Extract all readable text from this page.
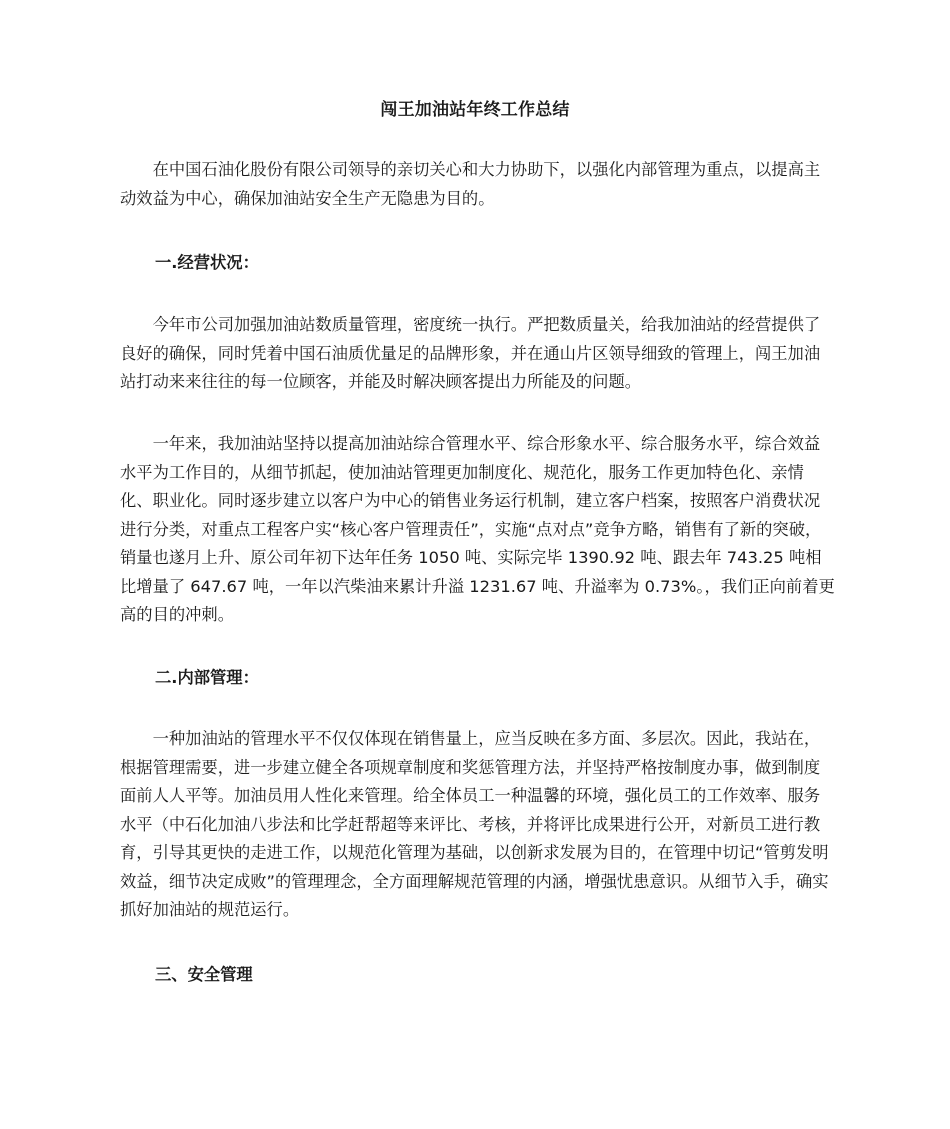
闯王加油站年终工作总结
在中国石油化股份有限公司领导的亲切关心和大力协助下，以强化内部管理为重点，以提高主动效益为中心，确保加油站安全生产无隐患为目的。
一.经营状况：
今年市公司加强加油站数质量管理，密度统一执行。严把数质量关，给我加油站的经营提供了良好的确保，同时凭着中国石油质优量足的品牌形象，并在通山片区领导细致的管理上，闯王加油站打动来来往往的每一位顾客，并能及时解决顾客提出力所能及的问题。
一年来，我加油站坚持以提高加油站综合管理水平、综合形象水平、综合服务水平，综合效益水平为工作目的，从细节抓起，使加油站管理更加制度化、规范化，服务工作更加特色化、亲情化、职业化。同时逐步建立以客户为中心的销售业务运行机制，建立客户档案，按照客户消费状况进行分类，对重点工程客户实“核心客户管理责任”，实施“点对点”竞争方略，销售有了新的突破，销量也遂月上升、原公司年初下达年任务 1050 吨、实际完毕 1390.92 吨、跟去年 743.25 吨相比增量了 647.67 吨，一年以汽柴油来累计升溢 1231.67 吨、升溢率为 0.73%。，我们正向前着更高的目的冲刺。
二.内部管理：
一种加油站的管理水平不仅仅体现在销售量上，应当反映在多方面、多层次。因此，我站在，根据管理需要，进一步建立健全各项规章制度和奖惩管理方法，并坚持严格按制度办事，做到制度面前人人平等。加油员用人性化来管理。给全体员工一种温馨的环境，强化员工的工作效率、服务水平（中石化加油八步法和比学赶帮超等来评比、考核，并将评比成果进行公开，对新员工进行教育，引导其更快的走进工作，以规范化管理为基础，以创新求发展为目的，在管理中切记“管剪发明效益，细节决定成败”的管理理念，全方面理解规范管理的内涵，增强忧患意识。从细节入手，确实抓好加油站的规范运行。
三、安全管理
